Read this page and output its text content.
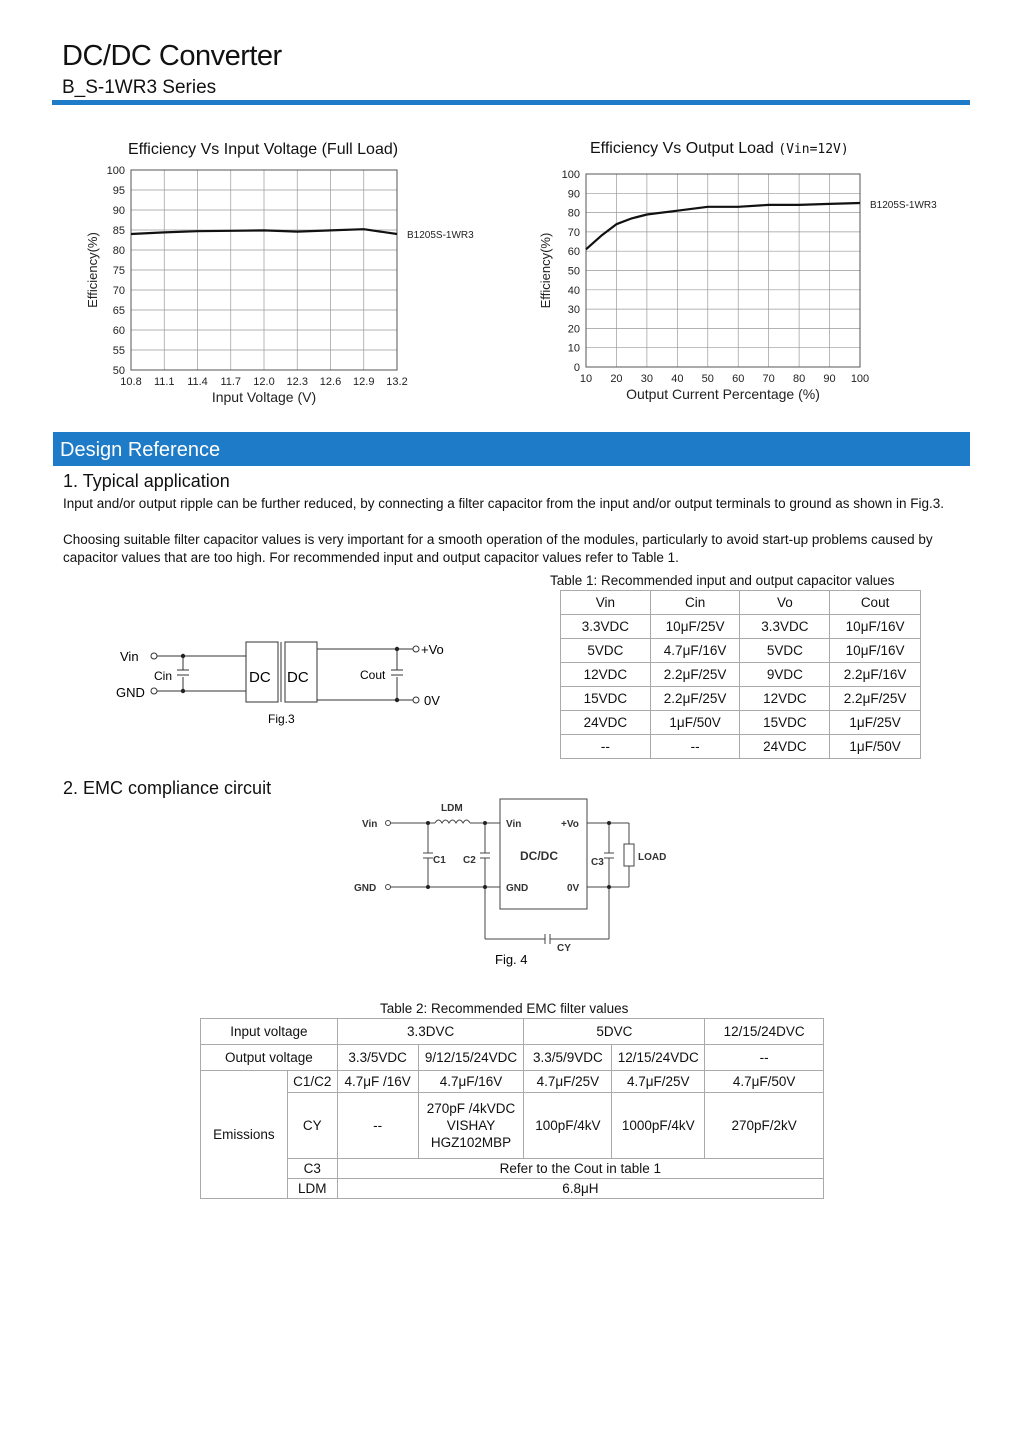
DC/DC Converter
B_S-1WR3 Series
Efficiency Vs Input Voltage (Full Load)
10.8 11.1 11.4 11.7 12.0 12.3 12.6 12.9 13.2
100
95
90
85
80
75
70
65
60
55
50
B1205S-1WR3
Input Voltage (V)
Efficiency(%)
Efficiency Vs Output Load (Vin=12V)
10 20 30 40 50 60 70 80 90 100
100
90
80
70
60
50
40
30
20
10
0
B1205S-1WR3
Output Current Percentage (%)
Efficiency(%)
Design Reference
1. Typical application
Input and/or output ripple can be further reduced, by connecting a filter capacitor from the input and/or output terminals to ground as shown in Fig.3.
Choosing suitable filter capacitor values is very important for a smooth operation of the modules, particularly to avoid start-up problems caused by capacitor values that are too high. For recommended input and output capacitor values refer to Table 1.
Vin
GND
Cin	DC DC	Cout
+Vo
0V
Fig.3
Table 1: Recommended input and output capacitor values
Vin	Cin	Vo	Cout
3.3VDC	10μF/25V	3.3VDC	10μF/16V
5VDC	4.7μF/16V	5VDC	10μF/16V
12VDC	2.2μF/25V	9VDC	2.2μF/16V
15VDC	2.2μF/25V	12VDC	2.2μF/25V
24VDC	1μF/50V	15VDC	1μF/25V
--	--	24VDC	1μF/50V
2. EMC compliance circuit
LDM
Vin
GND
C1 C2
Vin	+Vo
DC/DC
GND	0V
C3	LOAD
CY
Fig. 4
Table 2: Recommended EMC filter values
Input voltage		3.3DVC		5DVC		12/15/24DVC
Output voltage		3.3/5VDC	9/12/15/24VDC	3.3/5/9VDC	12/15/24VDC	--
Emissions	C1/C2	4.7μF /16V	4.7μF/16V	4.7μF/25V	4.7μF/25V	4.7μF/50V
	CY	--	270pF /4kVDC VISHAY HGZ102MBP	100pF/4kV	1000pF/4kV	270pF/2kV
	C3	Refer to the Cout in table 1				
	LDM	6.8μH				
